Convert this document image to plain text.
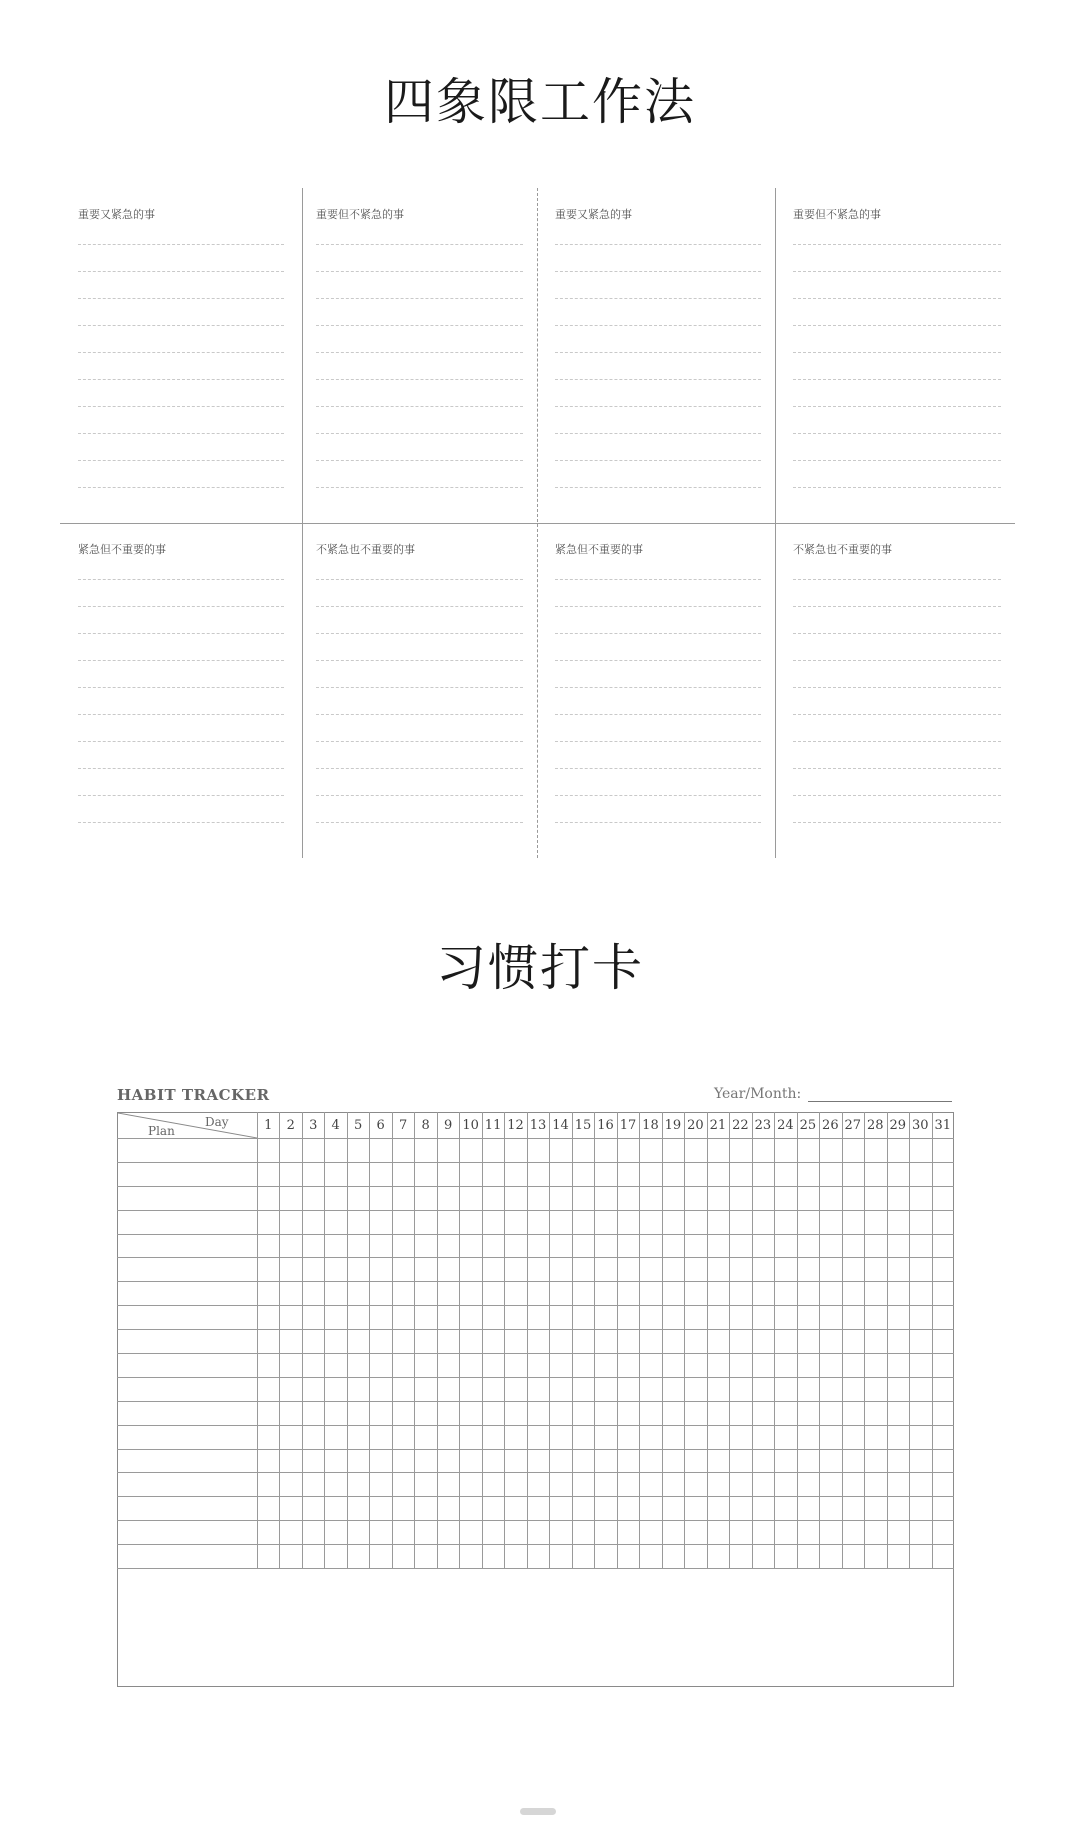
四象限工作法
重要又紧急的事	重要但不紧急的事	重要又紧急的事	重要但不紧急的事
紧急但不重要的事	不紧急也不重要的事	紧急但不重要的事	不紧急也不重要的事
习惯打卡
HABIT TRACKER	Year/Month:
Plan
Day	1	2	3	4	5	6	7	8	9 10 11 12 13 14 15 16 17 18 19 20 21 22 23 24 25 26 27 28 29 30 31
